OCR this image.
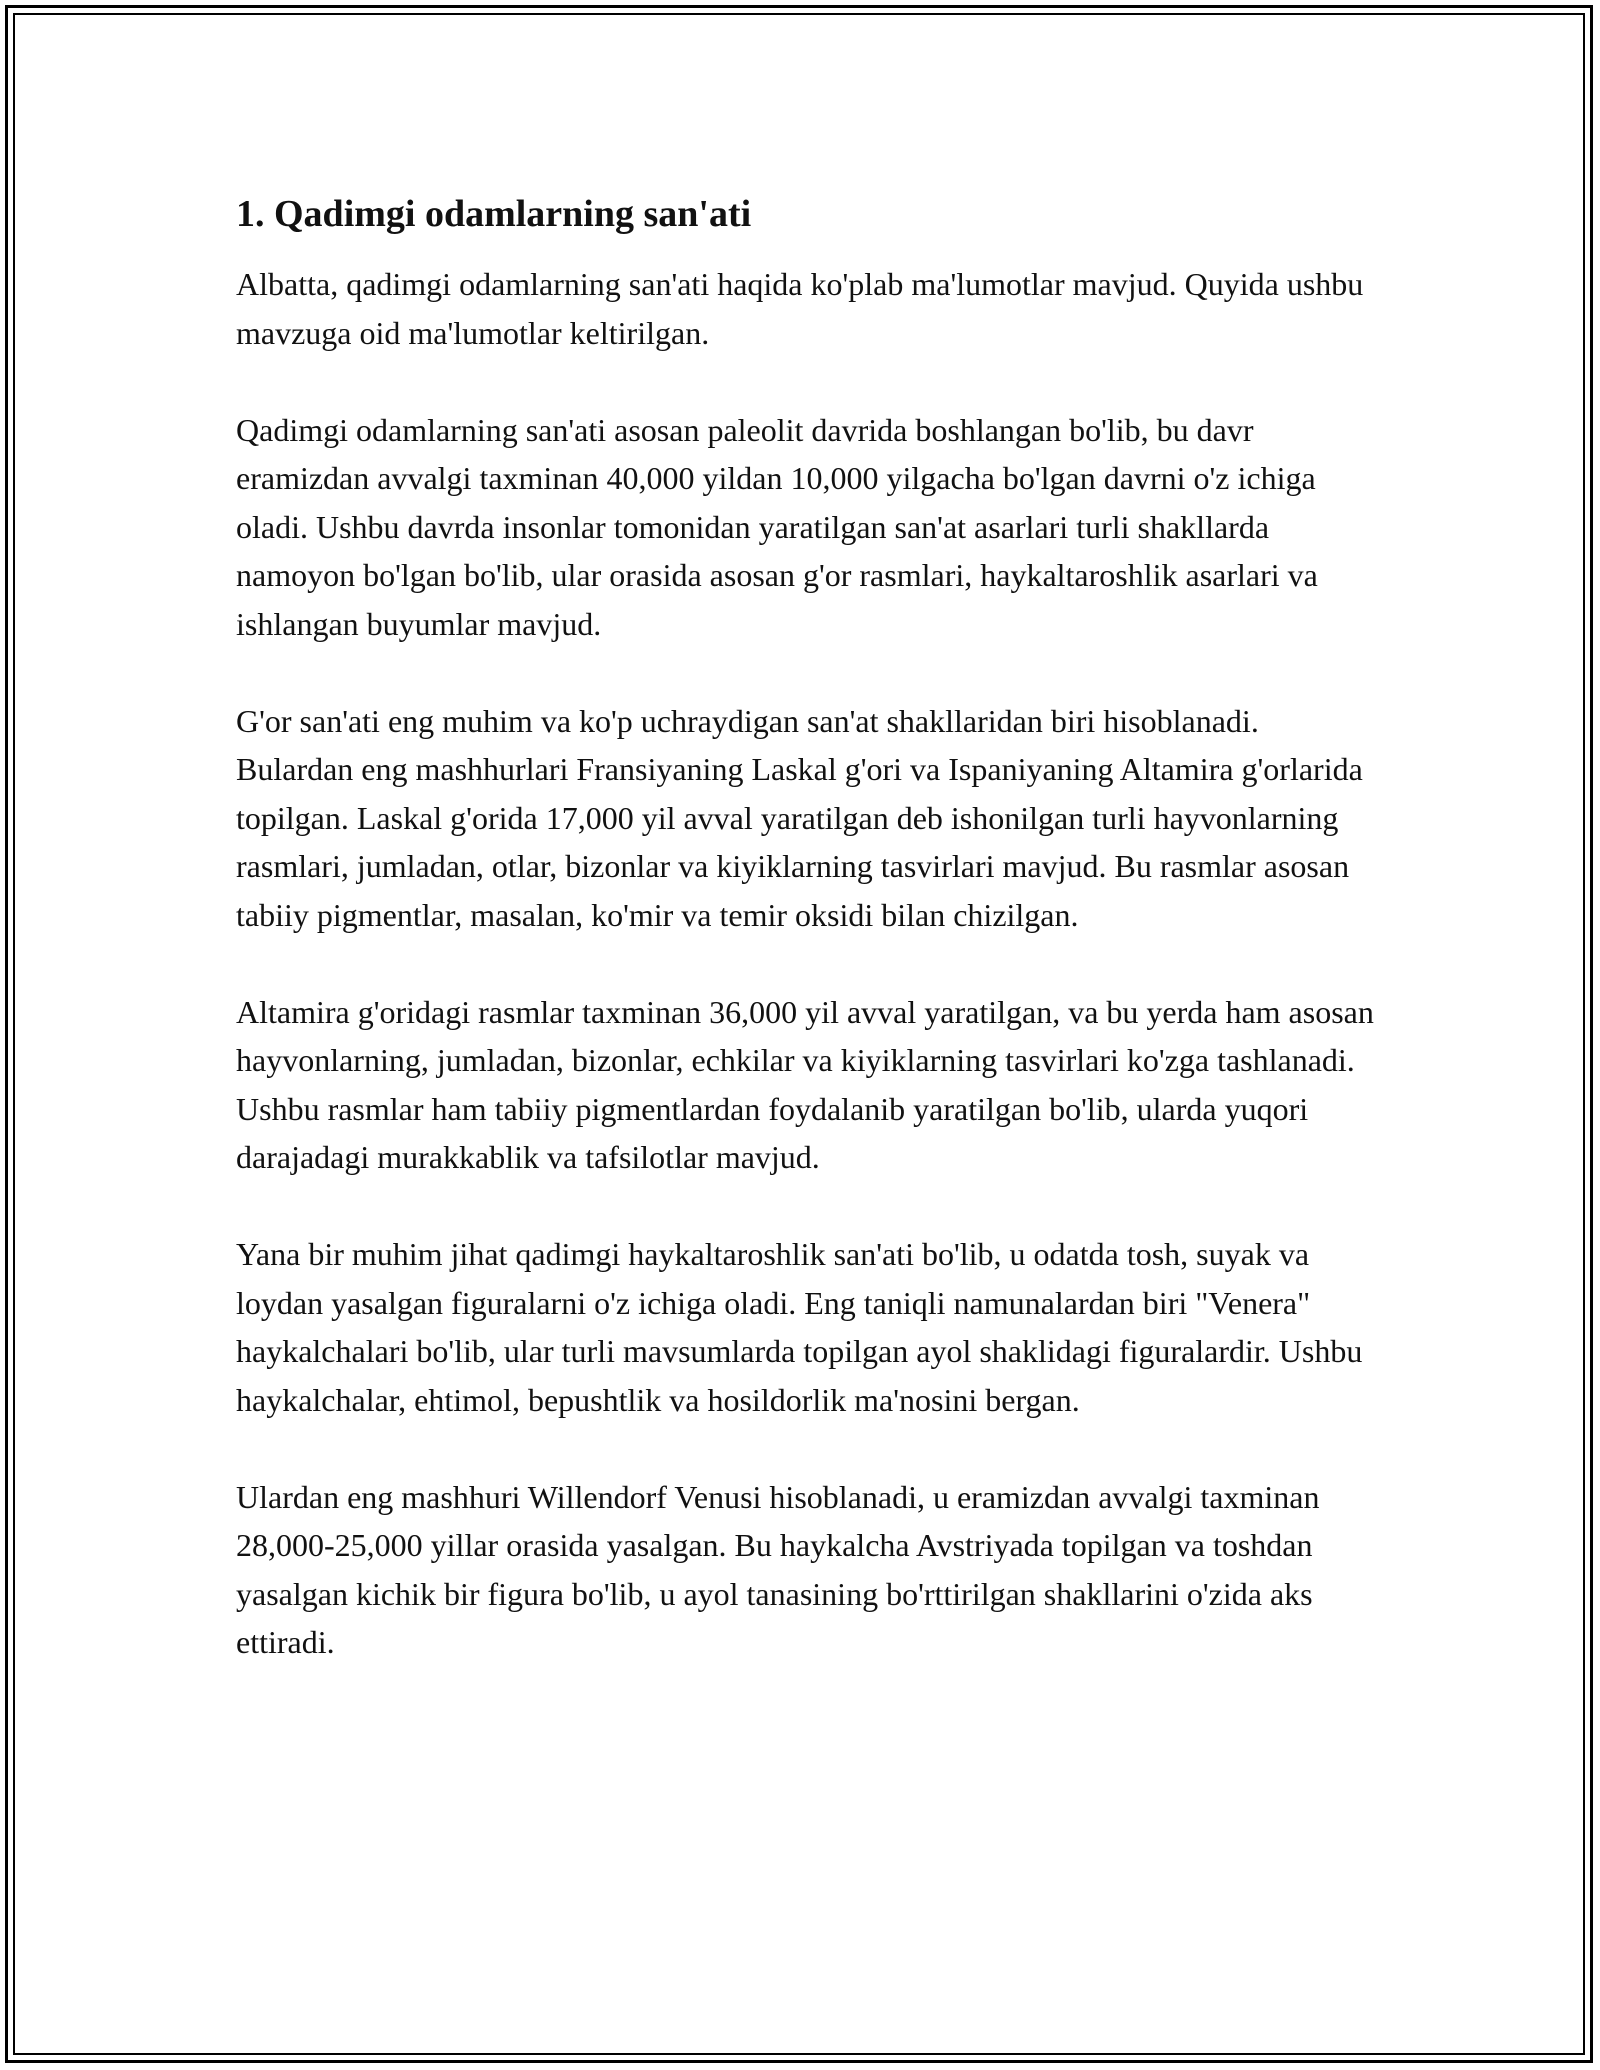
1. Qadimgi odamlarning san'ati

Albatta, qadimgi odamlarning san'ati haqida ko'plab ma'lumotlar mavjud. Quyida ushbu mavzuga oid ma'lumotlar keltirilgan.

Qadimgi odamlarning san'ati asosan paleolit davrida boshlangan bo'lib, bu davr eramizdan avvalgi taxminan 40,000 yildan 10,000 yilgacha bo'lgan davrni o'z ichiga oladi. Ushbu davrda insonlar tomonidan yaratilgan san'at asarlari turli shakllarda namoyon bo'lgan bo'lib, ular orasida asosan g'or rasmlari, haykaltaroshlik asarlari va ishlangan buyumlar mavjud.

G'or san'ati eng muhim va ko'p uchraydigan san'at shakllaridan biri hisoblanadi. Bulardan eng mashhurlari Fransiyaning Laskal g'ori va Ispaniyaning Altamira g'orlarida topilgan. Laskal g'orida 17,000 yil avval yaratilgan deb ishonilgan turli hayvonlarning rasmlari, jumladan, otlar, bizonlar va kiyiklarning tasvirlari mavjud. Bu rasmlar asosan tabiiy pigmentlar, masalan, ko'mir va temir oksidi bilan chizilgan.

Altamira g'oridagi rasmlar taxminan 36,000 yil avval yaratilgan, va bu yerda ham asosan hayvonlarning, jumladan, bizonlar, echkilar va kiyiklarning tasvirlari ko'zga tashlanadi. Ushbu rasmlar ham tabiiy pigmentlardan foydalanib yaratilgan bo'lib, ularda yuqori darajadagi murakkablik va tafsilotlar mavjud.

Yana bir muhim jihat qadimgi haykaltaroshlik san'ati bo'lib, u odatda tosh, suyak va loydan yasalgan figuralarni o'z ichiga oladi. Eng taniqli namunalardan biri "Venera" haykalchalari bo'lib, ular turli mavsumlarda topilgan ayol shaklidagi figuralardir. Ushbu haykalchalar, ehtimol, bepushtlik va hosildorlik ma'nosini bergan.

Ulardan eng mashhuri Willendorf Venusi hisoblanadi, u eramizdan avvalgi taxminan 28,000-25,000 yillar orasida yasalgan. Bu haykalcha Avstriyada topilgan va toshdan yasalgan kichik bir figura bo'lib, u ayol tanasining bo'rttirilgan shakllarini o'zida aks ettiradi.
